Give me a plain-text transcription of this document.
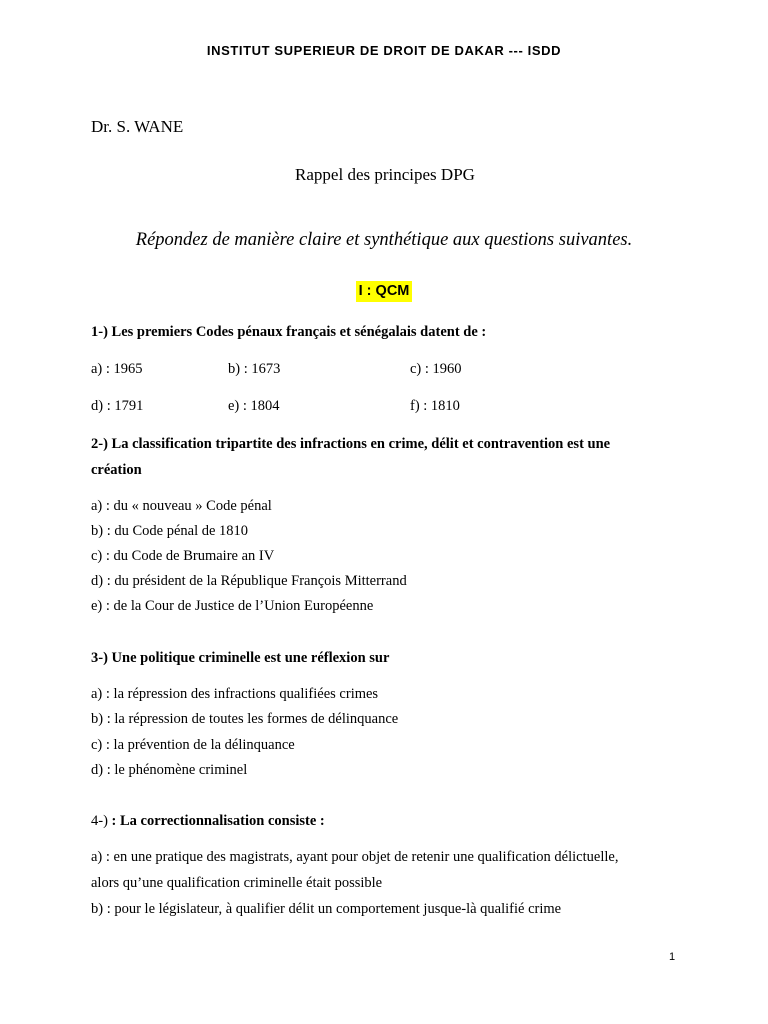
INSTITUT SUPERIEUR DE DROIT DE DAKAR --- ISDD
Dr. S. WANE
Rappel des principes DPG
Répondez de manière claire et synthétique aux questions suivantes.
I : QCM
1-) Les premiers Codes pénaux français et sénégalais datent de :
a) : 1965	b) : 1673	c) : 1960
d) : 1791	e) : 1804	f) : 1810
2-) La classification tripartite des infractions en crime, délit et contravention est une création
a) : du « nouveau » Code pénal
b) : du Code pénal de 1810
c) : du Code de Brumaire an IV
d) : du président de la République François Mitterrand
e) : de la Cour de Justice de l’Union Européenne
3-) Une politique criminelle est une réflexion sur
a) : la répression des infractions qualifiées crimes
b) : la répression de toutes les formes de délinquance
c) : la prévention de la délinquance
d) : le phénomène criminel
4-) : La correctionnalisation consiste :
a) : en une pratique des magistrats, ayant pour objet de retenir une qualification délictuelle,
alors qu’une qualification criminelle était possible
b) : pour le législateur, à qualifier délit un comportement jusque-là qualifié crime
1
